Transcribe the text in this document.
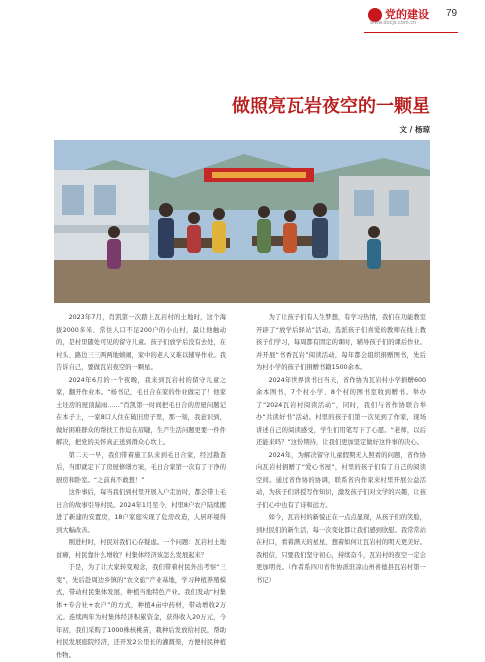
党的建设
www.docjs.com.cn
79
做照亮瓦岩夜空的一颗星
文 / 杨琼

2023年7月，肖凯第一次踏上瓦岩村的土地时，这个海拔2000多米、常住人口不足200户的小山村，最让他触动的，是村里随处可见的留守儿童。孩子们放学后没有去处，在村头、路边三三两两地嬉闹，家中的老人又难以辅导作业。我告诉自己，要做瓦岩夜空的一颗星。

2024年6月的一个夜晚，我来到瓦岩村的留守儿童之家，翻开作业本。“杨书记，毛日合在家的作业做完了！他家土坯房的屋顶漏雨……”肖凯第一时间把毛日合的房屋问题记在本子上，一家8口人住在破旧房子里，那一刻，我意识到，做好困难群众的帮扶工作迫在眉睫，生产生活问题更要一件件解决，把党的关怀真正送到群众心坎上。

第二天一早，我们带着施工队来到毛日合家，经过勘查后，当即就定下了房屋修缮方案，毛日合家第一次有了干净的厨房和卧室。“之前真不敢想！”

这件事后，每当我们到村里开展入户走访时，都会带上毛日合的故事引导村民。2024年1月至今，村里8户农户陆续搬进了新建的安置房，18户家庭实现了危房改造，人居环境得到大幅改善。

刚进村时，村民对我们心存疑虑。一个问题：瓦岩村土地贫瘠，村民靠什么增收？村集体经济该怎么发展起来？

于是，为了让大家转变观念，我们带着村民外出考察“三变”，先后赴周边乡镇的“农文旅”产业基地，学习种植养殖模式，带动村民集体发展，种植当地特色产业。我们发动“村集体+专合社+农户”的方式，种植4亩中药材，带动增收2万元。连续两年为村集体经济积累资金，获得收入20万元，今年初，我们采购了1000株核桃苗，栽种后发放给村民，帮助村民发展庭院经济，还开发2公里长的灌溉渠，方便村民种植作物。

为了让孩子们有人生梦想，有学习热情，我们在功能教室开辟了“放学后驿站”活动，选派孩子们喜爱的教师在线上教孩子们学习，每周都有固定的课时，辅导孩子们的课后作业。并开展“书香瓦岩”阅读活动，每年都会组织捐赠图书，先后为村小学的孩子们捐赠书籍1500余本。

2024年世界读书日当天，省作协为瓦岩村小学捐赠600余本图书，7个村小学、8个村的图书室收到赠书。举办了“2024瓦岩村阅读活动”，同时，我们与省作协联合举办“共读好书”活动。村里的孩子们第一次见到了作家，现场讲述自己的阅读感受，学生们用笔写下了心愿。“老师，以后还能来吗？”这份期待，让我们更加坚定做好这件事的决心。

2024年，为解决留守儿童假期无人照看的问题，省作协向瓦岩村捐赠了“爱心书屋”，村里的孩子们有了自己的阅读空间。通过省作协的协调，联系省内作家来村里开展公益活动，为孩子们讲授写作知识，激发孩子们对文学的兴趣，让孩子们心中也有了诗和远方。

如今，瓦岩村的新貌正在一点点显现，从孩子们的笑脸，到村民们的新生活，每一次变化都让我们感到欣慰。我常常站在村口，看着满天的星星，想着如何让瓦岩村的明天更美好。我相信，只要我们坚守初心，持续奋斗，瓦岩村的夜空一定会更加明亮。（作者系四川省作协派驻凉山州喜德县瓦岩村第一书记）
